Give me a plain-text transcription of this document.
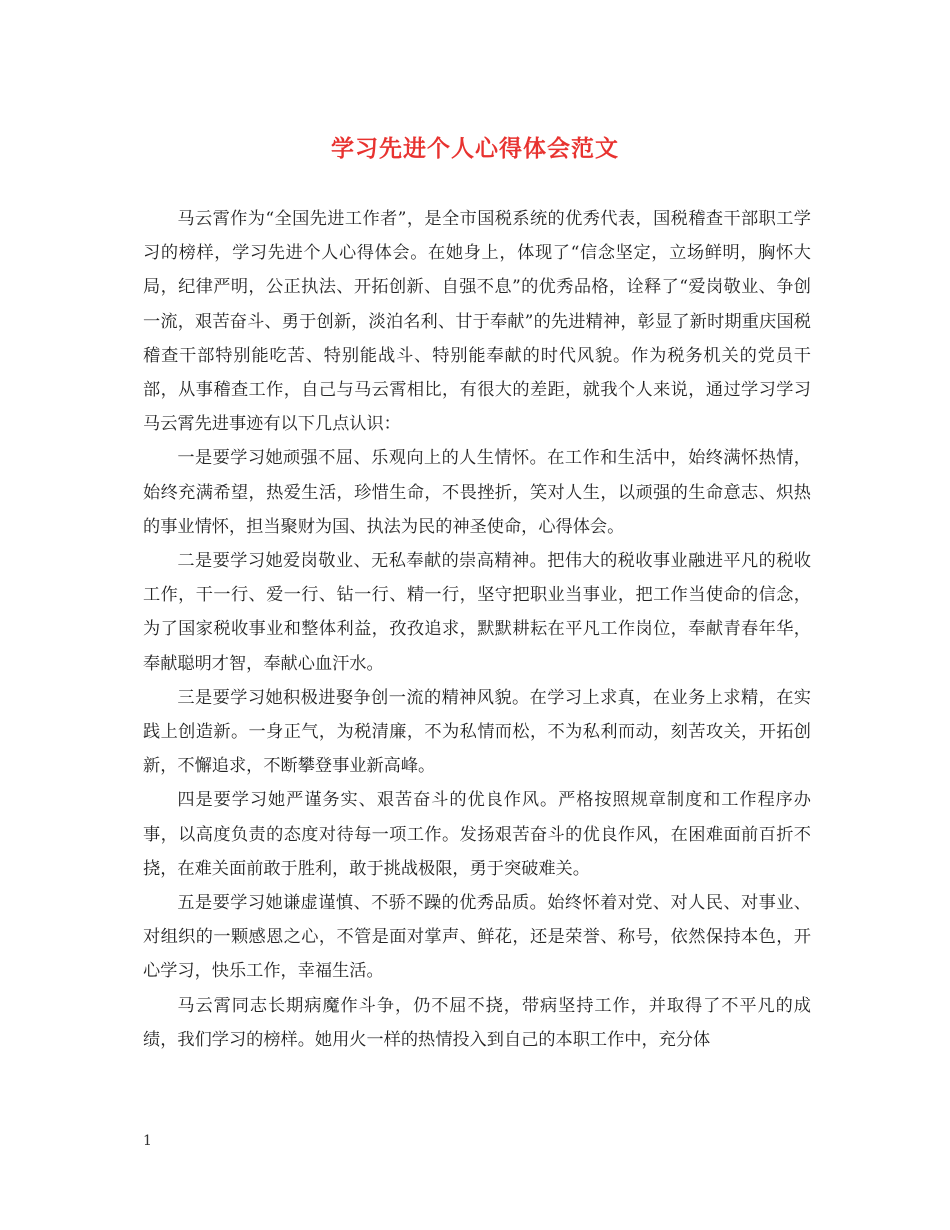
学习先进个人心得体会范文

马云霄作为“全国先进工作者”，是全市国税系统的优秀代表，国税稽查干部职工学习的榜样，学习先进个人心得体会。在她身上，体现了“信念坚定，立场鲜明，胸怀大局，纪律严明，公正执法、开拓创新、自强不息”的优秀品格，诠释了“爱岗敬业、争创一流，艰苦奋斗、勇于创新，淡泊名利、甘于奉献”的先进精神，彰显了新时期重庆国税稽查干部特别能吃苦、特别能战斗、特别能奉献的时代风貌。作为税务机关的党员干部，从事稽查工作，自己与马云霄相比，有很大的差距，就我个人来说，通过学习学习马云霄先进事迹有以下几点认识：

一是要学习她顽强不屈、乐观向上的人生情怀。在工作和生活中，始终满怀热情，始终充满希望，热爱生活，珍惜生命，不畏挫折，笑对人生，以顽强的生命意志、炽热的事业情怀，担当聚财为国、执法为民的神圣使命，心得体会。

二是要学习她爱岗敬业、无私奉献的崇高精神。把伟大的税收事业融进平凡的税收工作，干一行、爱一行、钻一行、精一行，坚守把职业当事业，把工作当使命的信念，为了国家税收事业和整体利益，孜孜追求，默默耕耘在平凡工作岗位，奉献青春年华，奉献聪明才智，奉献心血汗水。

三是要学习她积极进娶争创一流的精神风貌。在学习上求真，在业务上求精，在实践上创造新。一身正气，为税清廉，不为私情而松，不为私利而动，刻苦攻关，开拓创新，不懈追求，不断攀登事业新高峰。

四是要学习她严谨务实、艰苦奋斗的优良作风。严格按照规章制度和工作程序办事，以高度负责的态度对待每一项工作。发扬艰苦奋斗的优良作风，在困难面前百折不挠，在难关面前敢于胜利，敢于挑战极限，勇于突破难关。

五是要学习她谦虚谨慎、不骄不躁的优秀品质。始终怀着对党、对人民、对事业、对组织的一颗感恩之心，不管是面对掌声、鲜花，还是荣誉、称号，依然保持本色，开心学习，快乐工作，幸福生活。

马云霄同志长期病魔作斗争，仍不屈不挠，带病坚持工作，并取得了不平凡的成绩，我们学习的榜样。她用火一样的热情投入到自己的本职工作中，充分体

1
